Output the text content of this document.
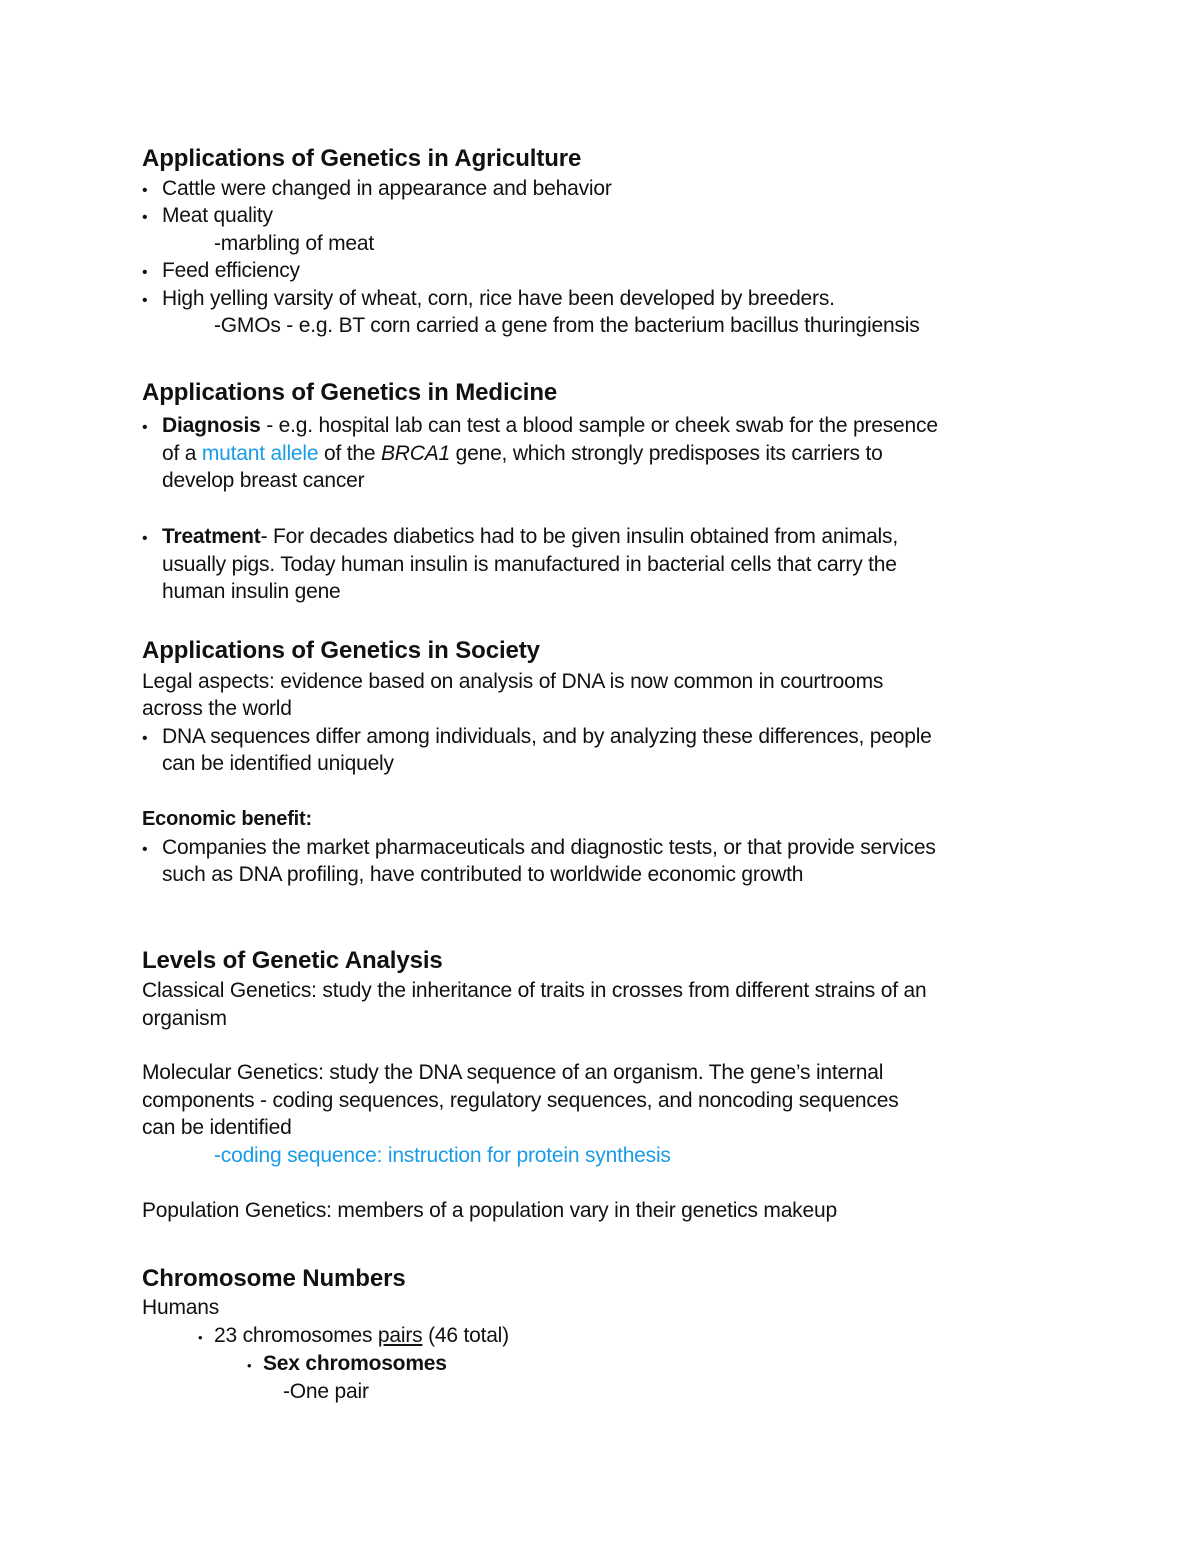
Applications of Genetics in Agriculture
• Cattle were changed in appearance and behavior
• Meat quality
-marbling of meat
• Feed efficiency
• High yelling varsity of wheat, corn, rice have been developed by breeders.
-GMOs - e.g. BT corn carried a gene from the bacterium bacillus thuringiensis
Applications of Genetics in Medicine
• Diagnosis - e.g. hospital lab can test a blood sample or cheek swab for the presence
of a mutant allele of the BRCA1 gene, which strongly predisposes its carriers to
develop breast cancer
• Treatment- For decades diabetics had to be given insulin obtained from animals,
usually pigs. Today human insulin is manufactured in bacterial cells that carry the
human insulin gene
Applications of Genetics in Society
Legal aspects: evidence based on analysis of DNA is now common in courtrooms
across the world
• DNA sequences differ among individuals, and by analyzing these differences, people
can be identified uniquely
Economic benefit:
• Companies the market pharmaceuticals and diagnostic tests, or that provide services
such as DNA profiling, have contributed to worldwide economic growth
Levels of Genetic Analysis
Classical Genetics: study the inheritance of traits in crosses from different strains of an
organism
Molecular Genetics: study the DNA sequence of an organism. The gene’s internal
components - coding sequences, regulatory sequences, and noncoding sequences
can be identified
-coding sequence: instruction for protein synthesis
Population Genetics: members of a population vary in their genetics makeup
Chromosome Numbers
Humans
• 23 chromosomes pairs (46 total)
• Sex chromosomes
-One pair
